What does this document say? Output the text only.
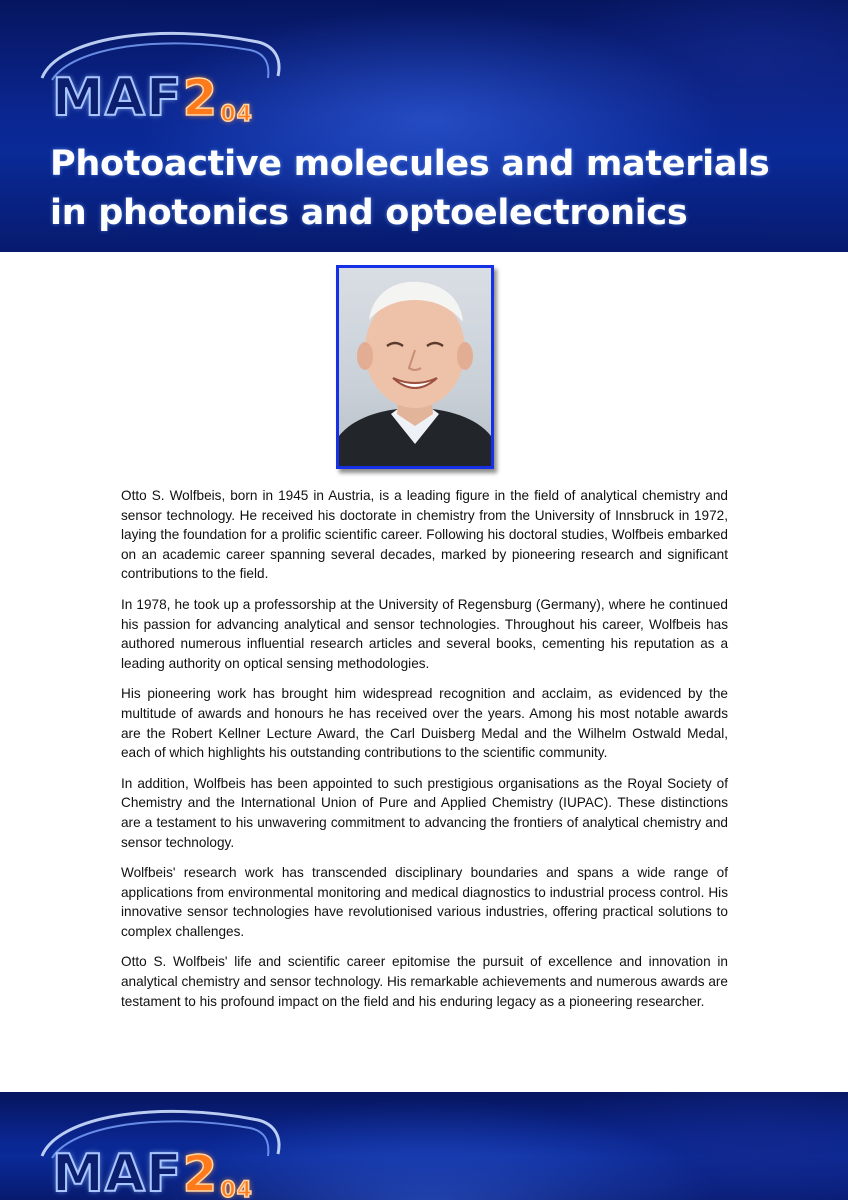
MAF204
Photoactive molecules and materials
in photonics and optoelectronics

Otto S. Wolfbeis, born in 1945 in Austria, is a leading figure in the field of analytical chemistry and sensor technology. He received his doctorate in chemistry from the University of Innsbruck in 1972, laying the foundation for a prolific scientific career. Following his doctoral studies, Wolfbeis embarked on an academic career spanning several decades, marked by pioneering research and significant contributions to the field.

In 1978, he took up a professorship at the University of Regensburg (Germany), where he continued his passion for advancing analytical and sensor technologies. Throughout his career, Wolfbeis has authored numerous influential research articles and several books, cementing his reputation as a leading authority on optical sensing methodologies.

His pioneering work has brought him widespread recognition and acclaim, as evidenced by the multitude of awards and honours he has received over the years. Among his most notable awards are the Robert Kellner Lecture Award, the Carl Duisberg Medal and the Wilhelm Ostwald Medal, each of which highlights his outstanding contributions to the scientific community.

In addition, Wolfbeis has been appointed to such prestigious organisations as the Royal Society of Chemistry and the International Union of Pure and Applied Chemistry (IUPAC). These distinctions are a testament to his unwavering commitment to advancing the frontiers of analytical chemistry and sensor technology.

Wolfbeis' research work has transcended disciplinary boundaries and spans a wide range of applications from environmental monitoring and medical diagnostics to industrial process control. His innovative sensor technologies have revolutionised various industries, offering practical solutions to complex challenges.

Otto S. Wolfbeis' life and scientific career epitomise the pursuit of excellence and innovation in analytical chemistry and sensor technology. His remarkable achievements and numerous awards are testament to his profound impact on the field and his enduring legacy as a pioneering researcher.

MAF204
